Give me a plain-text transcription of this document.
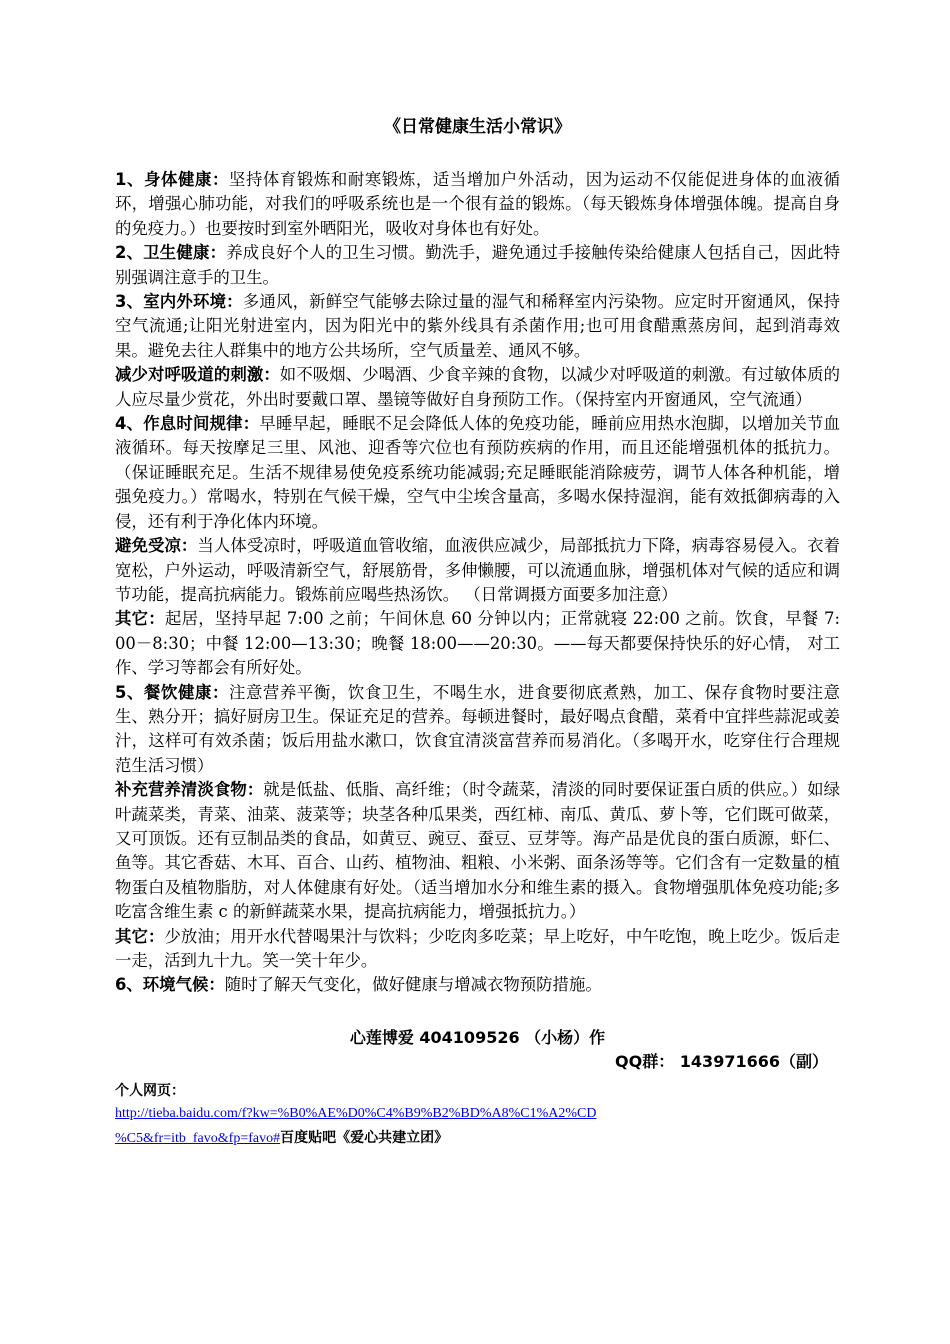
《日常健康生活小常识》

1、身体健康：坚持体育锻炼和耐寒锻炼，适当增加户外活动，因为运动不仅能促进身体的血液循环，增强心肺功能，对我们的呼吸系统也是一个很有益的锻炼。（每天锻炼身体增强体魄。提高自身的免疫力。）也要按时到室外晒阳光，吸收对身体也有好处。

2、卫生健康：养成良好个人的卫生习惯。勤洗手，避免通过手接触传染给健康人包括自己，因此特别强调注意手的卫生。

3、室内外环境：多通风，新鲜空气能够去除过量的湿气和稀释室内污染物。应定时开窗通风，保持空气流通;让阳光射进室内，因为阳光中的紫外线具有杀菌作用;也可用食醋熏蒸房间，起到消毒效果。避免去往人群集中的地方公共场所，空气质量差、通风不够。

减少对呼吸道的刺激：如不吸烟、少喝酒、少食辛辣的食物，以减少对呼吸道的刺激。有过敏体质的人应尽量少赏花，外出时要戴口罩、墨镜等做好自身预防工作。（保持室内开窗通风，空气流通）

4、作息时间规律：早睡早起，睡眠不足会降低人体的免疫功能，睡前应用热水泡脚，以增加关节血液循环。每天按摩足三里、风池、迎香等穴位也有预防疾病的作用，而且还能增强机体的抵抗力。（保证睡眠充足。生活不规律易使免疫系统功能减弱;充足睡眠能消除疲劳，调节人体各种机能，增强免疫力。）常喝水，特别在气候干燥，空气中尘埃含量高，多喝水保持湿润，能有效抵御病毒的入侵，还有利于净化体内环境。

避免受凉：当人体受凉时，呼吸道血管收缩，血液供应减少，局部抵抗力下降，病毒容易侵入。衣着宽松，户外运动，呼吸清新空气，舒展筋骨，多伸懒腰，可以流通血脉，增强机体对气候的适应和调节功能，提高抗病能力。锻炼前应喝些热汤饮。 （日常调摄方面要多加注意）

其它：起居，坚持早起 7:00 之前；午间休息 60 分钟以内；正常就寝 22:00 之前。饮食，早餐 7:00－8:30；中餐 12:00—13:30；晚餐 18:00——20:30。——每天都要保持快乐的好心情， 对工作、学习等都会有所好处。

5、餐饮健康：注意营养平衡，饮食卫生，不喝生水，进食要彻底煮熟，加工、保存食物时要注意生、熟分开；搞好厨房卫生。保证充足的营养。每顿进餐时，最好喝点食醋，菜肴中宜拌些蒜泥或姜汁，这样可有效杀菌；饭后用盐水漱口，饮食宜清淡富营养而易消化。（多喝开水，吃穿住行合理规范生活习惯）

补充营养清淡食物：就是低盐、低脂、高纤维；（时令蔬菜，清淡的同时要保证蛋白质的供应。）如绿叶蔬菜类，青菜、油菜、菠菜等；块茎各种瓜果类，西红柿、南瓜、黄瓜、萝卜等，它们既可做菜，又可顶饭。还有豆制品类的食品，如黄豆、豌豆、蚕豆、豆芽等。海产品是优良的蛋白质源，虾仁、鱼等。其它香菇、木耳、百合、山药、植物油、粗粮、小米粥、面条汤等等。它们含有一定数量的植物蛋白及植物脂肪，对人体健康有好处。（适当增加水分和维生素的摄入。食物增强肌体免疫功能;多吃富含维生素 c 的新鲜蔬菜水果，提高抗病能力，增强抵抗力。）

其它：少放油；用开水代替喝果汁与饮料；少吃肉多吃菜；早上吃好，中午吃饱，晚上吃少。饭后走一走，活到九十九。笑一笑十年少。

6、环境气候：随时了解天气变化，做好健康与增减衣物预防措施。

心莲博爱 404109526 （小杨）作
QQ群： 143971666（副）
个人网页：
http://tieba.baidu.com/f?kw=%B0%AE%D0%C4%B9%B2%BD%A8%C1%A2%CD
%C5&fr=itb_favo&fp=favo#百度贴吧《爱心共建立团》
